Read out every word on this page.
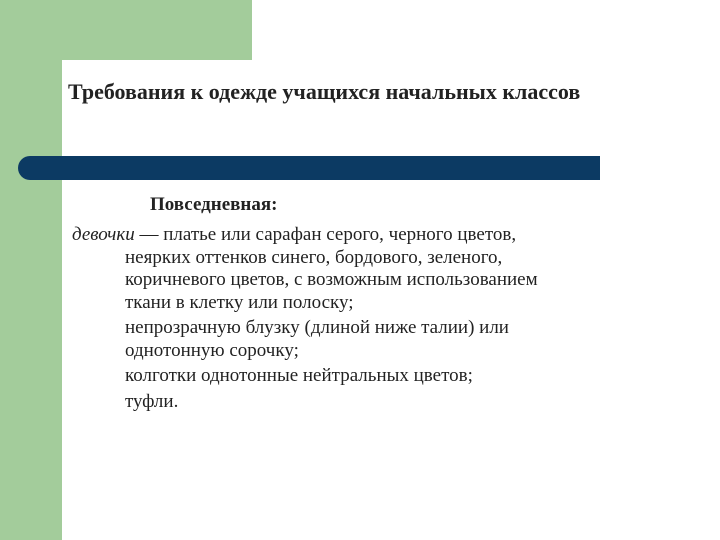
Требования к одежде учащихся начальных классов

Повседневная:

девочки — платье или сарафан серого, черного цветов,

неярких оттенков синего, бордового, зеленого,

коричневого цветов, с возможным использованием

ткани в клетку или полоску;

непрозрачную блузку (длиной ниже талии) или

однотонную сорочку;

колготки однотонные нейтральных цветов;

туфли.
